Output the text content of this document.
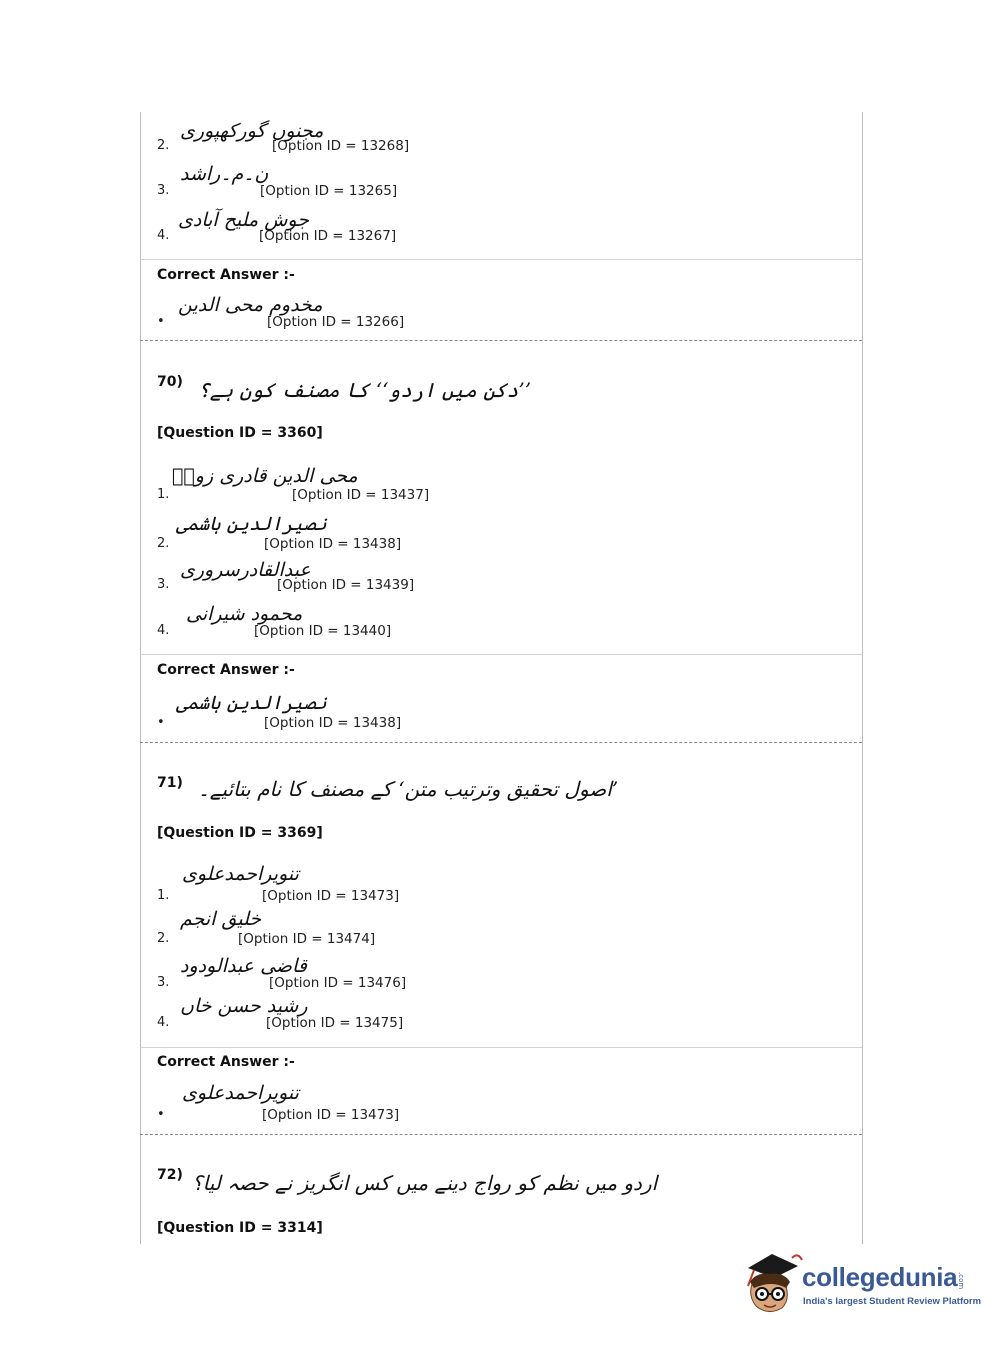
2.
مجنوں گورکھپوری
[Option ID = 13268]
3.
ن۔م۔راشد
[Option ID = 13265]
4.
جوش ملیح آبادی
[Option ID = 13267]
Correct Answer :-
•
مخدوم محی الدین
[Option ID = 13266]
70) ’’دکن میں اردو‘‘ کا مصنف کون ہے؟
[Question ID = 3360]
1.
محی الدین قادری زورؔ
[Option ID = 13437]
2.
نصیرالدین ہاشمی
[Option ID = 13438]
3.
عبدالقادرسروری
[Option ID = 13439]
4.
محمود شیرانی
[Option ID = 13440]
Correct Answer :-
•
نصیرالدین ہاشمی
[Option ID = 13438]
71) ’اصول تحقیق وترتیب متن‘ کے مصنف کا نام بتائیے۔
[Question ID = 3369]
1.
تنویراحمدعلوی
[Option ID = 13473]
2.
خلیق انجم
[Option ID = 13474]
3.
قاضی عبدالودود
[Option ID = 13476]
4.
رشید حسن خاں
[Option ID = 13475]
Correct Answer :-
•
تنویراحمدعلوی
[Option ID = 13473]
72) اردو میں نظم کو رواج دینے میں کس انگریز نے حصہ لیا؟
[Question ID = 3314]
collegedunia .com
India's largest Student Review Platform
